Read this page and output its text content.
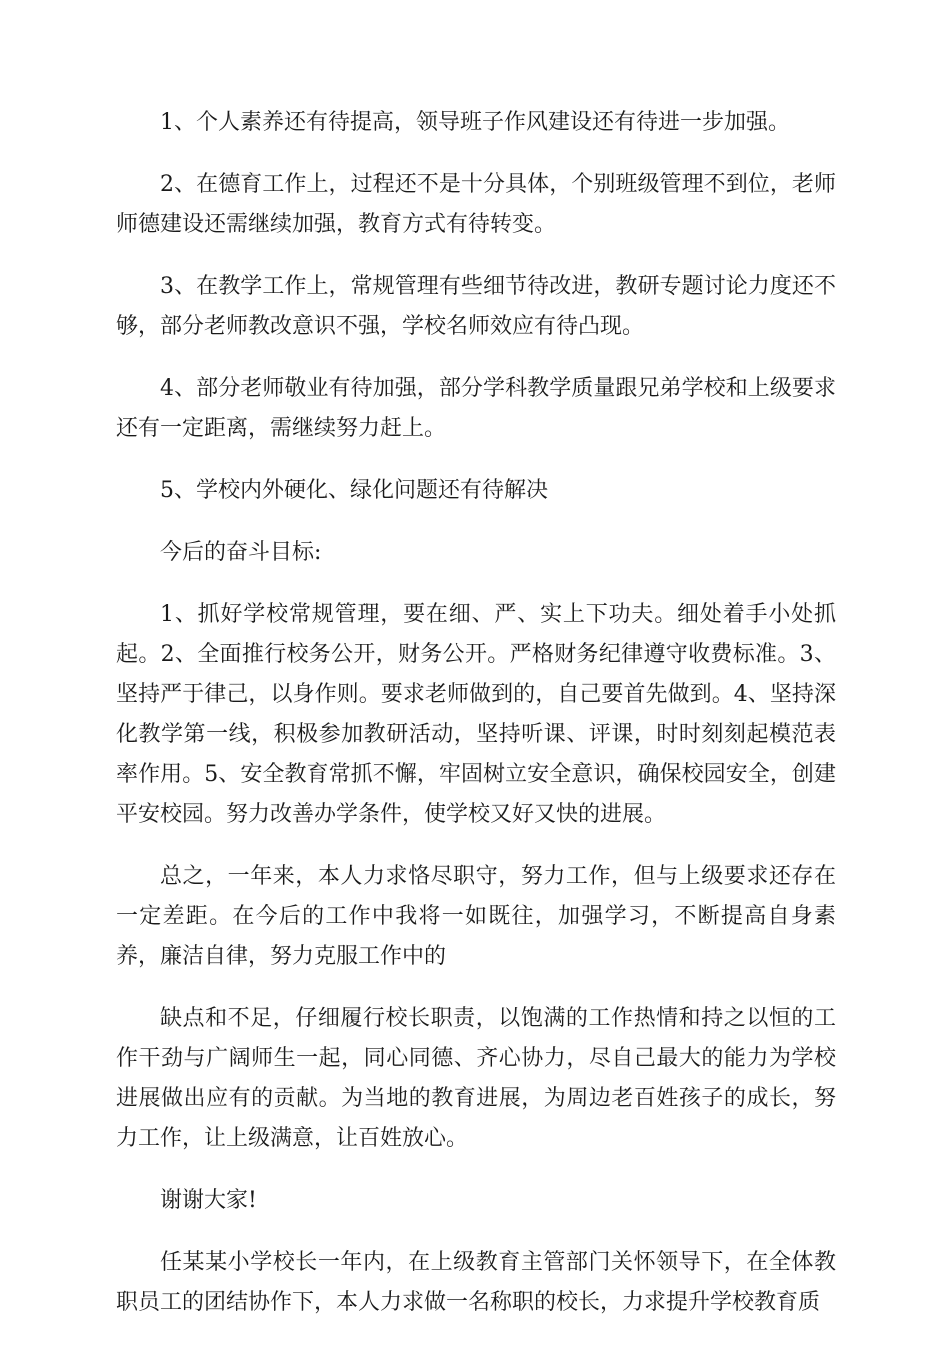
1、个人素养还有待提高，领导班子作风建设还有待进一步加强。

2、在德育工作上，过程还不是十分具体，个别班级管理不到位，老师师德建设还需继续加强，教育方式有待转变。

3、在教学工作上，常规管理有些细节待改进，教研专题讨论力度还不够，部分老师教改意识不强，学校名师效应有待凸现。

4、部分老师敬业有待加强，部分学科教学质量跟兄弟学校和上级要求还有一定距离，需继续努力赶上。

5、学校内外硬化、绿化问题还有待解决

今后的奋斗目标:

1、抓好学校常规管理，要在细、严、实上下功夫。细处着手小处抓起。2、全面推行校务公开，财务公开。严格财务纪律遵守收费标准。3、坚持严于律己，以身作则。要求老师做到的，自己要首先做到。4、坚持深化教学第一线，积极参加教研活动，坚持听课、评课，时时刻刻起模范表率作用。5、安全教育常抓不懈，牢固树立安全意识，确保校园安全，创建平安校园。努力改善办学条件，使学校又好又快的进展。

总之，一年来，本人力求恪尽职守，努力工作，但与上级要求还存在一定差距。在今后的工作中我将一如既往，加强学习，不断提高自身素养，廉洁自律，努力克服工作中的

缺点和不足，仔细履行校长职责，以饱满的工作热情和持之以恒的工作干劲与广阔师生一起，同心同德、齐心协力，尽自己最大的能力为学校进展做出应有的贡献。为当地的教育进展，为周边老百姓孩子的成长，努力工作，让上级满意，让百姓放心。

谢谢大家!

任某某小学校长一年内，在上级教育主管部门关怀领导下，在全体教职员工的团结协作下，本人力求做一名称职的校长，力求提升学校教育质
